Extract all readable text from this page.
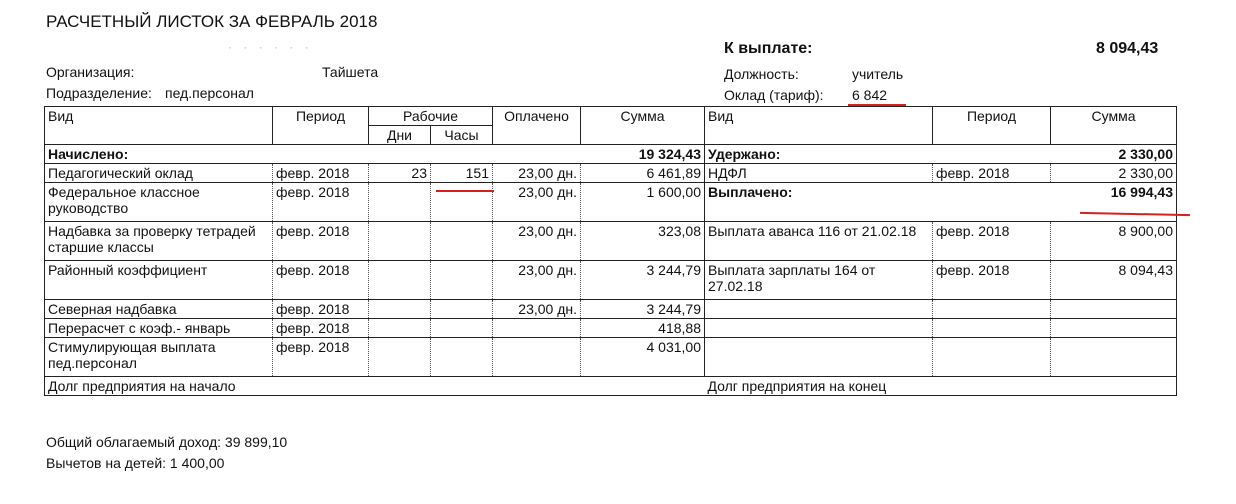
РАСЧЕТНЫЙ ЛИСТОК ЗА ФЕВРАЛЬ 2018
· · · · · ·
Организация:	Тайшета
Подразделение: пед.персонал
К выплате:	8 094,43
Должность:	учитель
Оклад (тариф): 6 842
Вид	Период	Рабочие		Оплачено	Сумма	Вид	Период	Сумма
		Дни	Часы					
Начислено:					19 324,43	Удержано:		2 330,00
Педагогический оклад	февр. 2018	23	151	23,00 дн.	6 461,89	НДФЛ	февр. 2018	2 330,00
Федеральное классное руководство	февр. 2018			23,00 дн.	1 600,00	Выплачено:		16 994,43
Надбавка за проверку тетрадей старшие классы	февр. 2018			23,00 дн.	323,08	Выплата аванса 116 от 21.02.18	февр. 2018	8 900,00
Районный коэффициент	февр. 2018			23,00 дн.	3 244,79	Выплата зарплаты 164 от 27.02.18	февр. 2018	8 094,43
Северная надбавка	февр. 2018			23,00 дн.	3 244,79			
Перерасчет с коэф.- январь	февр. 2018				418,88			
Стимулирующая выплата пед.персонал	февр. 2018				4 031,00			
Долг предприятия на начало						Долг предприятия на конец		
Общий облагаемый доход: 39 899,10
Вычетов на детей: 1 400,00
